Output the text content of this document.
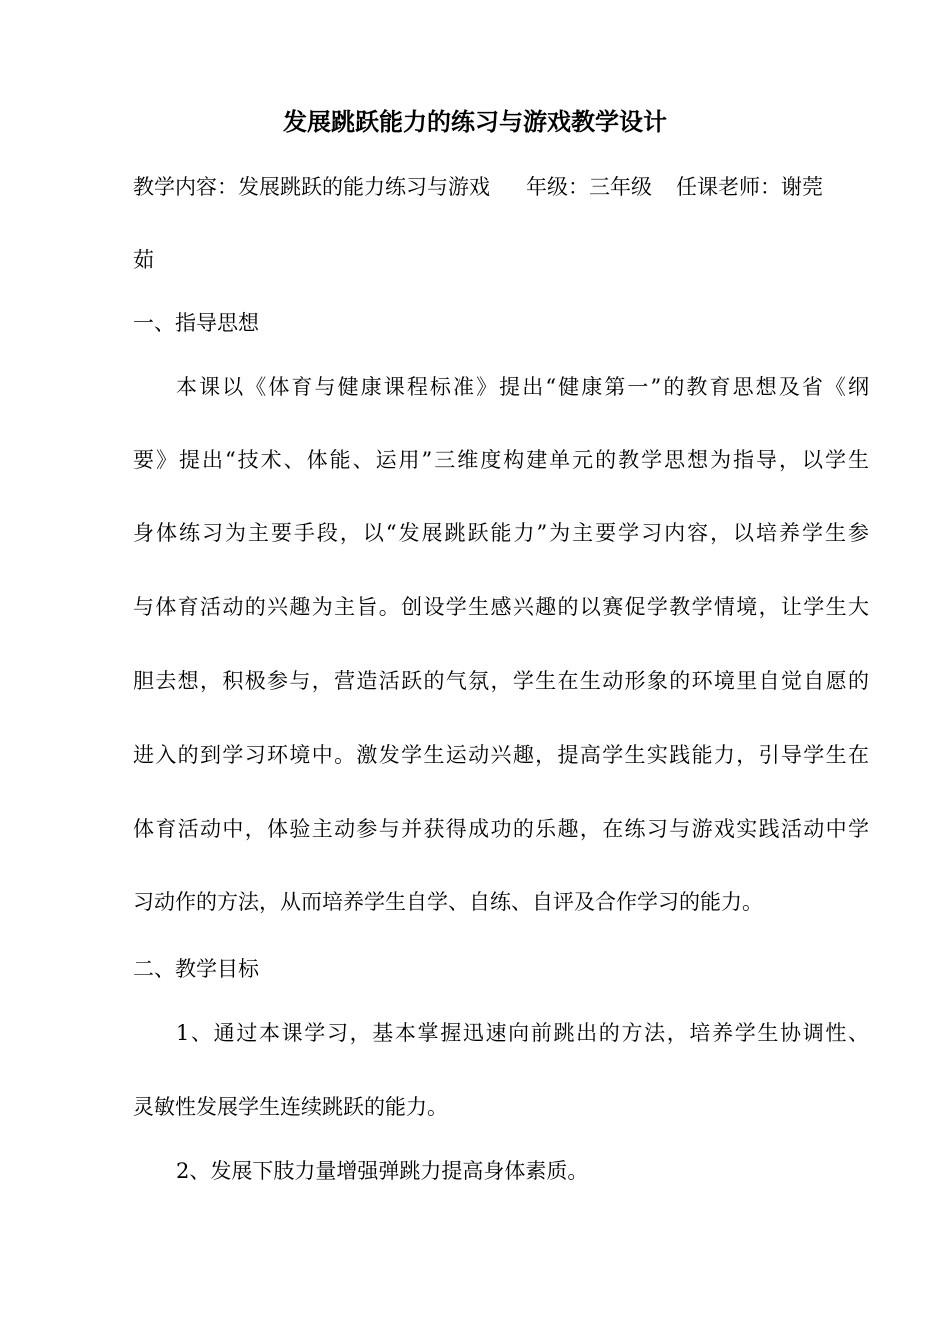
发展跳跃能力的练习与游戏教学设计
教学内容：发展跳跃的能力练习与游戏 年级：三年级 任课老师：谢莞
茹
一、指导思想
本课以《体育与健康课程标准》提出“健康第一”的教育思想及省《纲
要》提出“技术、体能、运用”三维度构建单元的教学思想为指导，以学生
身体练习为主要手段，以“发展跳跃能力”为主要学习内容，以培养学生参
与体育活动的兴趣为主旨。创设学生感兴趣的以赛促学教学情境，让学生大
胆去想，积极参与，营造活跃的气氛，学生在生动形象的环境里自觉自愿的
进入的到学习环境中。激发学生运动兴趣，提高学生实践能力，引导学生在
体育活动中，体验主动参与并获得成功的乐趣，在练习与游戏实践活动中学
习动作的方法，从而培养学生自学、自练、自评及合作学习的能力。
二、教学目标
1、通过本课学习，基本掌握迅速向前跳出的方法，培养学生协调性、
灵敏性发展学生连续跳跃的能力。
2、发展下肢力量增强弹跳力提高身体素质。
